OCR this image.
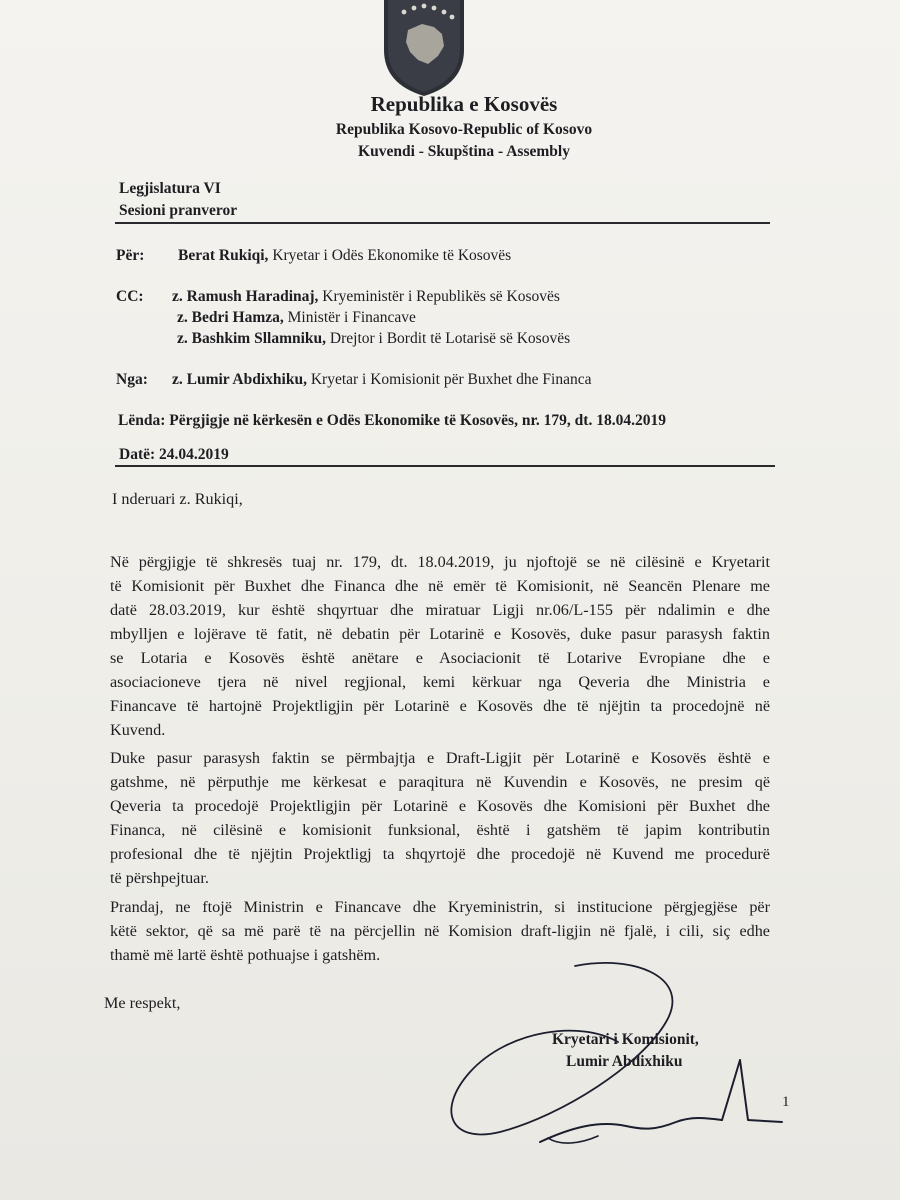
Republika e Kosovës
Republika Kosovo-Republic of Kosovo
Kuvendi - Skupština - Assembly
Legjislatura VI
Sesioni pranveror
Për: Berat Rukiqi, Kryetar i Odës Ekonomike të Kosovës
CC: z. Ramush Haradinaj, Kryeministër i Republikës së Kosovës
z. Bedri Hamza, Ministër i Financave
z. Bashkim Sllamniku, Drejtor i Bordit të Lotarisë së Kosovës
Nga: z. Lumir Abdixhiku, Kryetar i Komisionit për Buxhet dhe Financa
Lënda: Përgjigje në kërkesën e Odës Ekonomike të Kosovës, nr. 179, dt. 18.04.2019
Datë: 24.04.2019
I nderuari z. Rukiqi,
Në përgjigje të shkresës tuaj nr. 179, dt. 18.04.2019, ju njoftojë se në cilësinë e Kryetarit
të Komisionit për Buxhet dhe Financa dhe në emër të Komisionit, në Seancën Plenare me
datë 28.03.2019, kur është shqyrtuar dhe miratuar Ligji nr.06/L-155 për ndalimin e dhe
mbylljen e lojërave të fatit, në debatin për Lotarinë e Kosovës, duke pasur parasysh faktin
se Lotaria e Kosovës është anëtare e Asociacionit të Lotarive Evropiane dhe e
asociacioneve tjera në nivel regjional, kemi kërkuar nga Qeveria dhe Ministria e
Financave të hartojnë Projektligjin për Lotarinë e Kosovës dhe të njëjtin ta procedojnë në
Kuvend.
Duke pasur parasysh faktin se përmbajtja e Draft-Ligjit për Lotarinë e Kosovës është e
gatshme, në përputhje me kërkesat e paraqitura në Kuvendin e Kosovës, ne presim që
Qeveria ta procedojë Projektligjin për Lotarinë e Kosovës dhe Komisioni për Buxhet dhe
Financa, në cilësinë e komisionit funksional, është i gatshëm të japim kontributin
profesional dhe të njëjtin Projektligj ta shqyrtojë dhe procedojë në Kuvend me procedurë
të përshpejtuar.
Prandaj, ne ftojë Ministrin e Financave dhe Kryeministrin, si institucione përgjegjëse për
këtë sektor, që sa më parë të na përcjellin në Komision draft-ligjin në fjalë, i cili, siç edhe
thamë më lartë është pothuajse i gatshëm.
Me respekt,
Kryetari i Komisionit,
Lumir Abdixhiku
1
